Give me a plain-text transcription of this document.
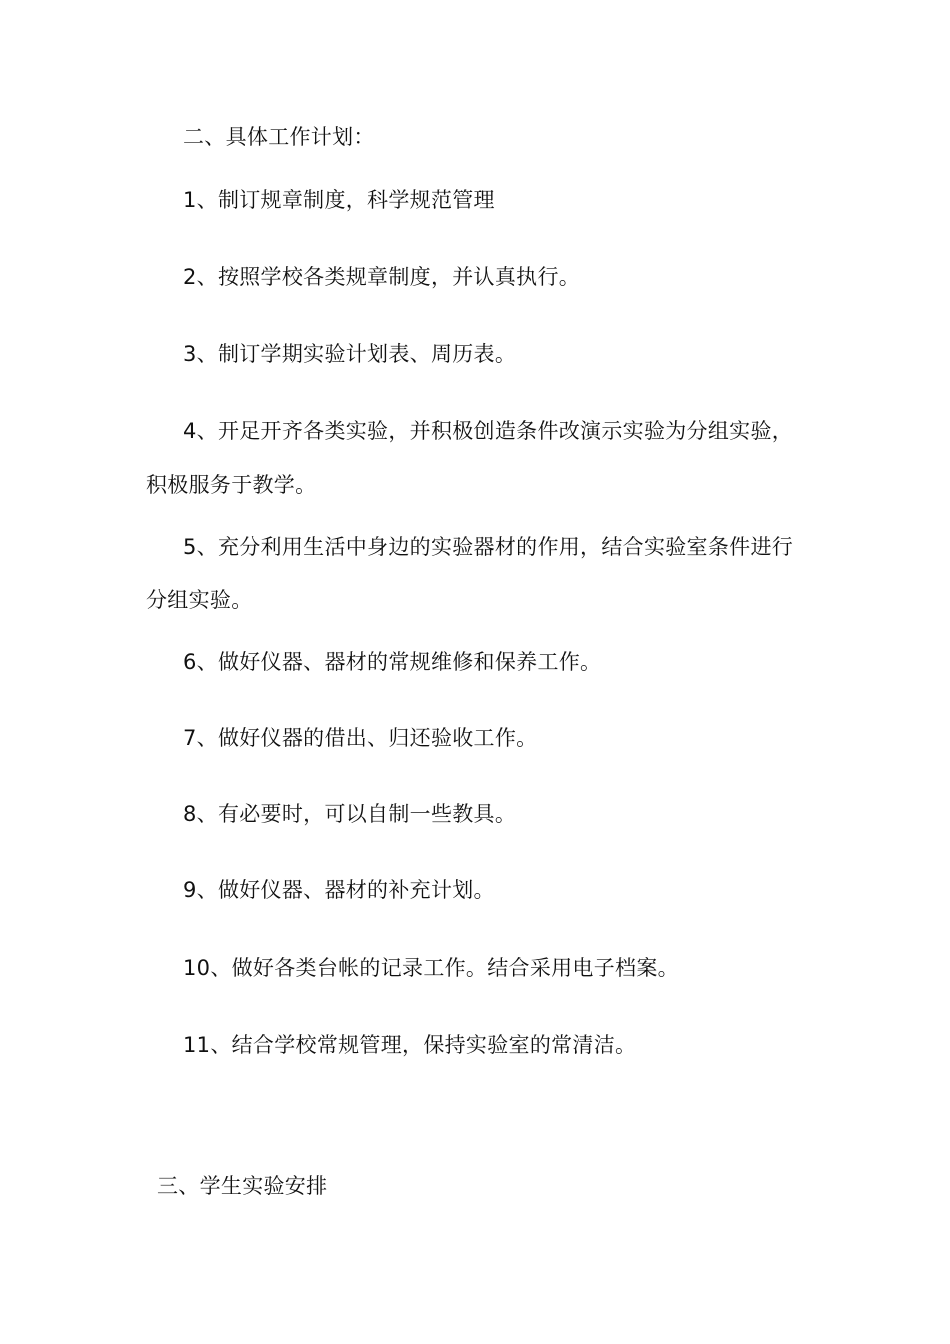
二、具体工作计划：
1、制订规章制度，科学规范管理
2、按照学校各类规章制度，并认真执行。
3、制订学期实验计划表、周历表。
4、开足开齐各类实验，并积极创造条件改演示实验为分组实验，
积极服务于教学。
5、充分利用生活中身边的实验器材的作用，结合实验室条件进行
分组实验。
6、做好仪器、器材的常规维修和保养工作。
7、做好仪器的借出、归还验收工作。
8、有必要时，可以自制一些教具。
9、做好仪器、器材的补充计划。
10、做好各类台帐的记录工作。结合采用电子档案。
11、结合学校常规管理，保持实验室的常清洁。
三、学生实验安排
